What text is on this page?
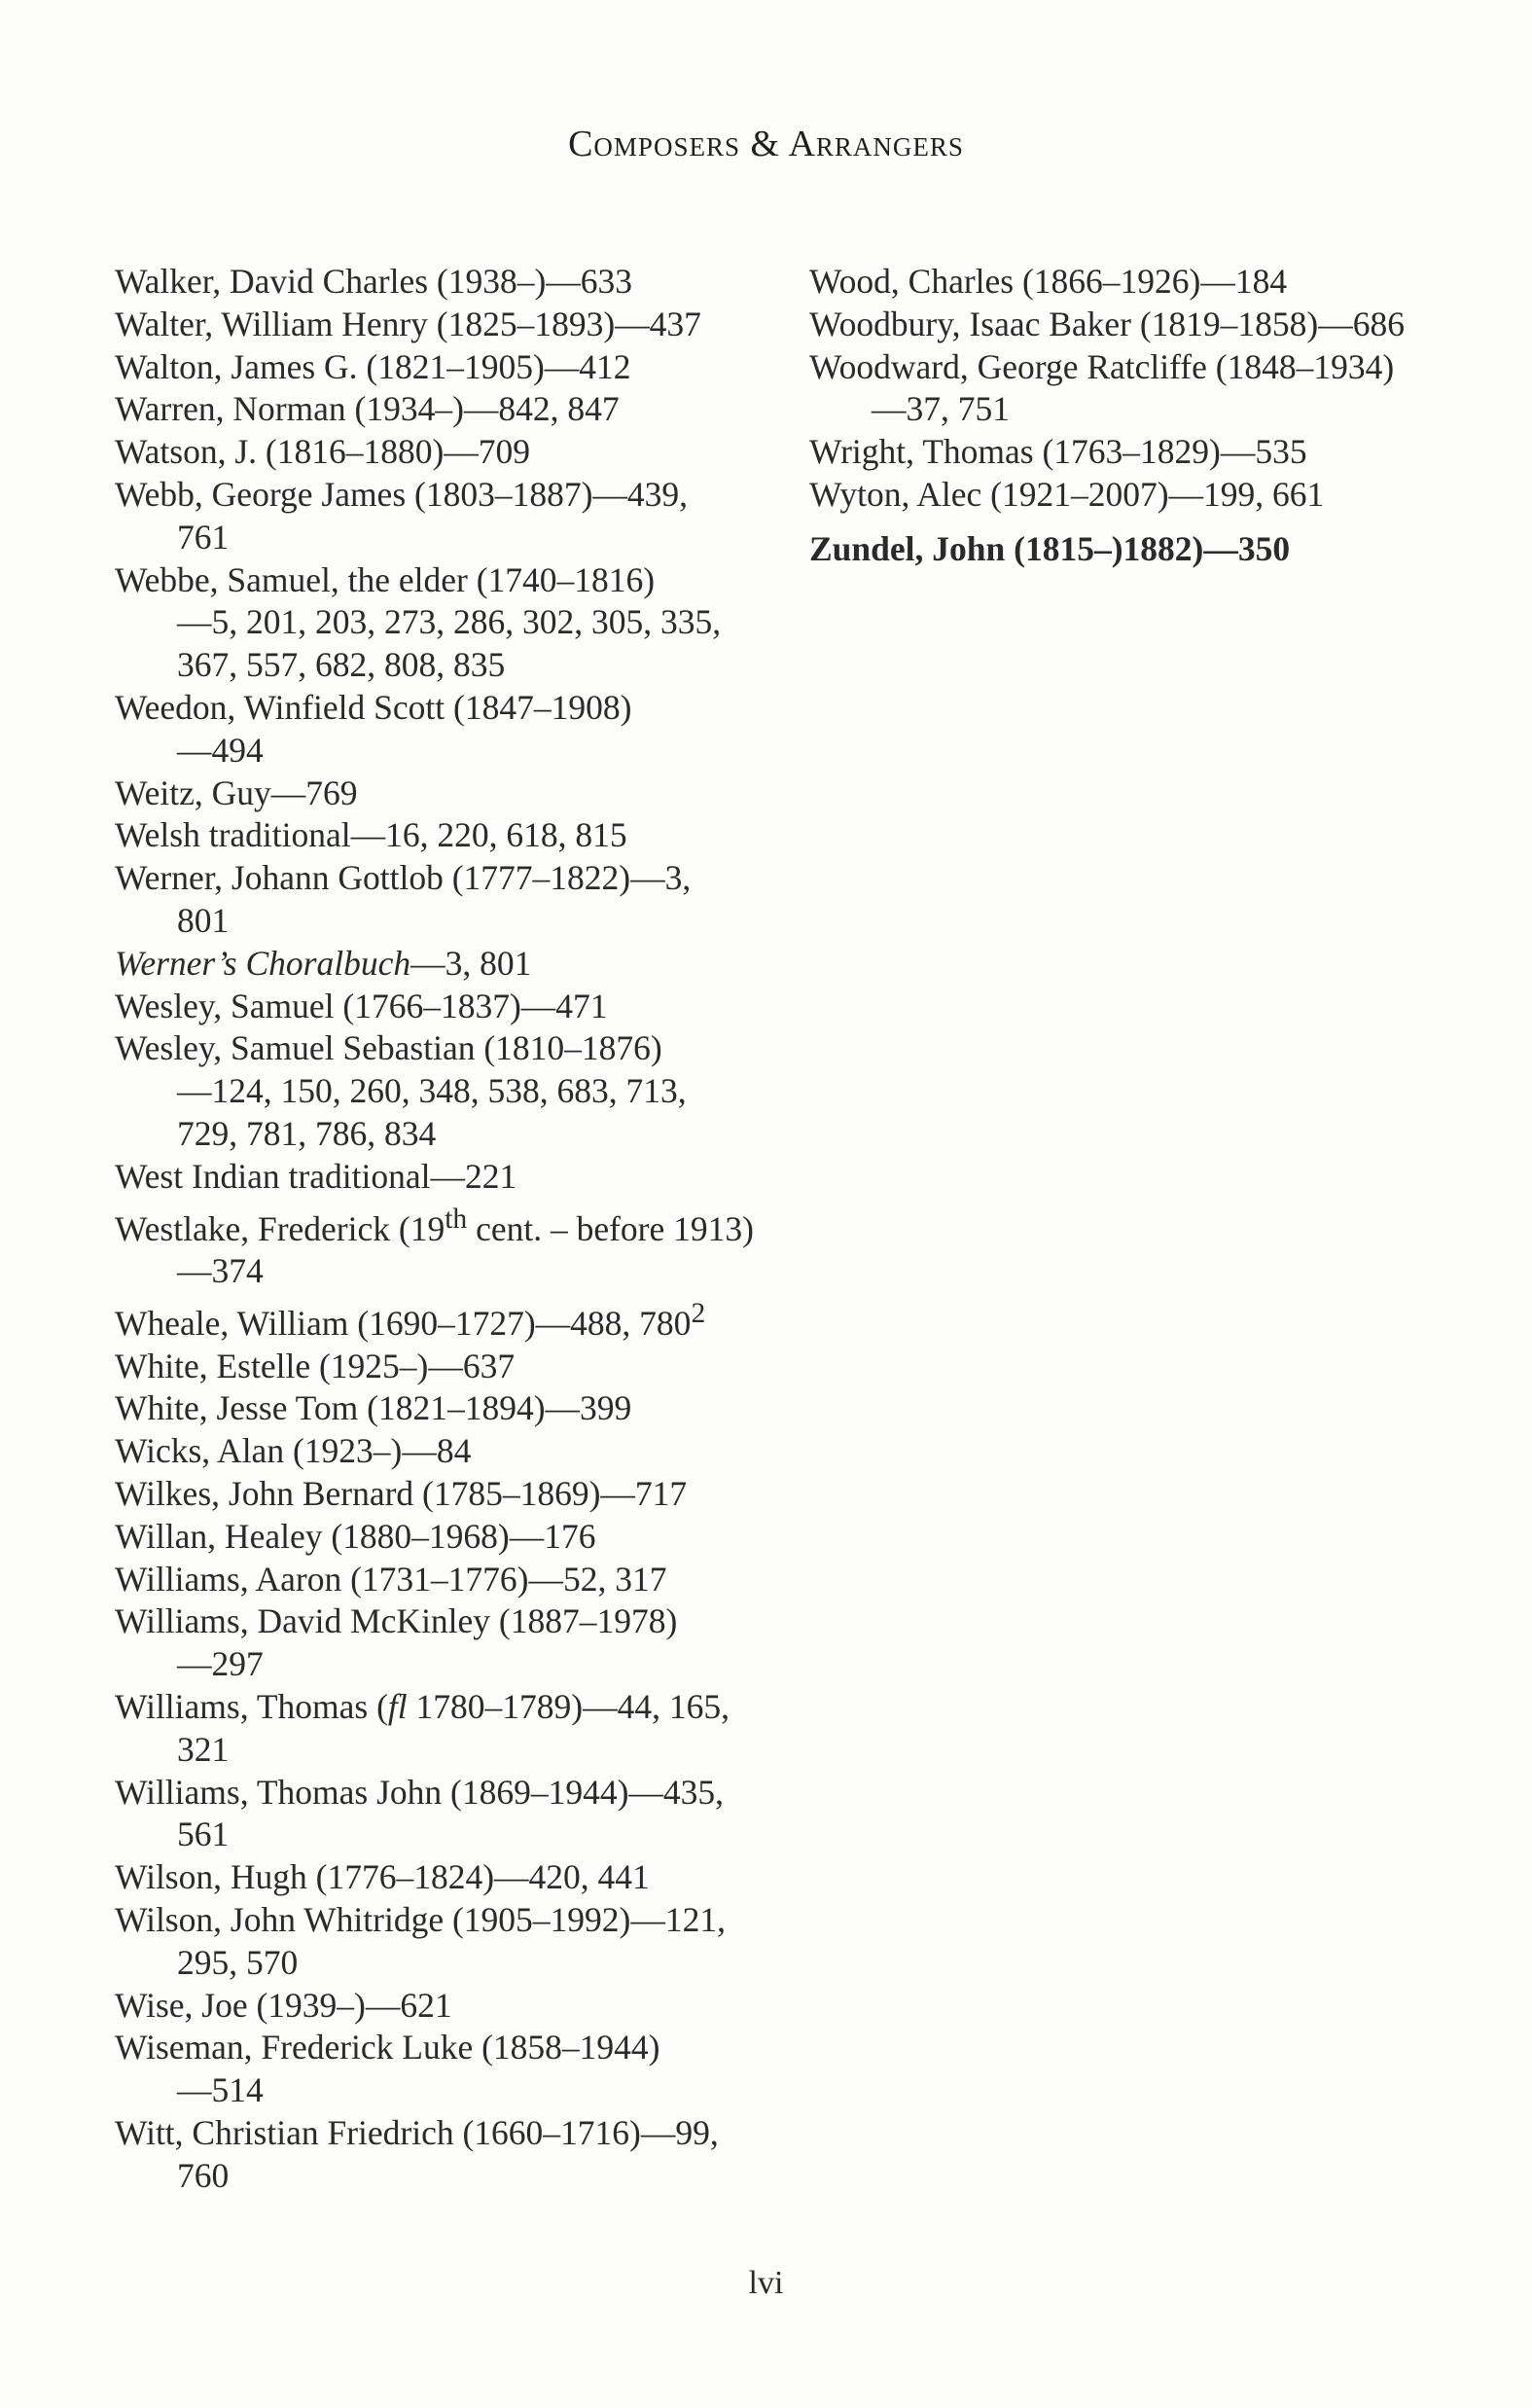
Composers & Arrangers
Walker, David Charles (1938–)—633
Walter, William Henry (1825–1893)—437
Walton, James G. (1821–1905)—412
Warren, Norman (1934–)—842, 847
Watson, J. (1816–1880)—709
Webb, George James (1803–1887)—439,
761
Webbe, Samuel, the elder (1740–1816)
—5, 201, 203, 273, 286, 302, 305, 335,
367, 557, 682, 808, 835
Weedon, Winfield Scott (1847–1908)
—494
Weitz, Guy—769
Welsh traditional—16, 220, 618, 815
Werner, Johann Gottlob (1777–1822)—3,
801
Werner’s Choralbuch—3, 801
Wesley, Samuel (1766–1837)—471
Wesley, Samuel Sebastian (1810–1876)
—124, 150, 260, 348, 538, 683, 713,
729, 781, 786, 834
West Indian traditional—221
Westlake, Frederick (19th cent. – before 1913)
—374
Wheale, William (1690–1727)—488, $780^2$
White, Estelle (1925–)—637
White, Jesse Tom (1821–1894)—399
Wicks, Alan (1923–)—84
Wilkes, John Bernard (1785–1869)—717
Willan, Healey (1880–1968)—176
Williams, Aaron (1731–1776)—52, 317
Williams, David McKinley (1887–1978)
—297
Williams, Thomas (fl 1780–1789)—44, 165,
321
Williams, Thomas John (1869–1944)—435,
561
Wilson, Hugh (1776–1824)—420, 441
Wilson, John Whitridge (1905–1992)—121,
295, 570
Wise, Joe (1939–)—621
Wiseman, Frederick Luke (1858–1944)
—514
Witt, Christian Friedrich (1660–1716)—99,
760
Wood, Charles (1866–1926)—184
Woodbury, Isaac Baker (1819–1858)—686
Woodward, George Ratcliffe (1848–1934)
—37, 751
Wright, Thomas (1763–1829)—535
Wyton, Alec (1921–2007)—199, 661
Zundel, John (1815–)1882)—350
lvi
